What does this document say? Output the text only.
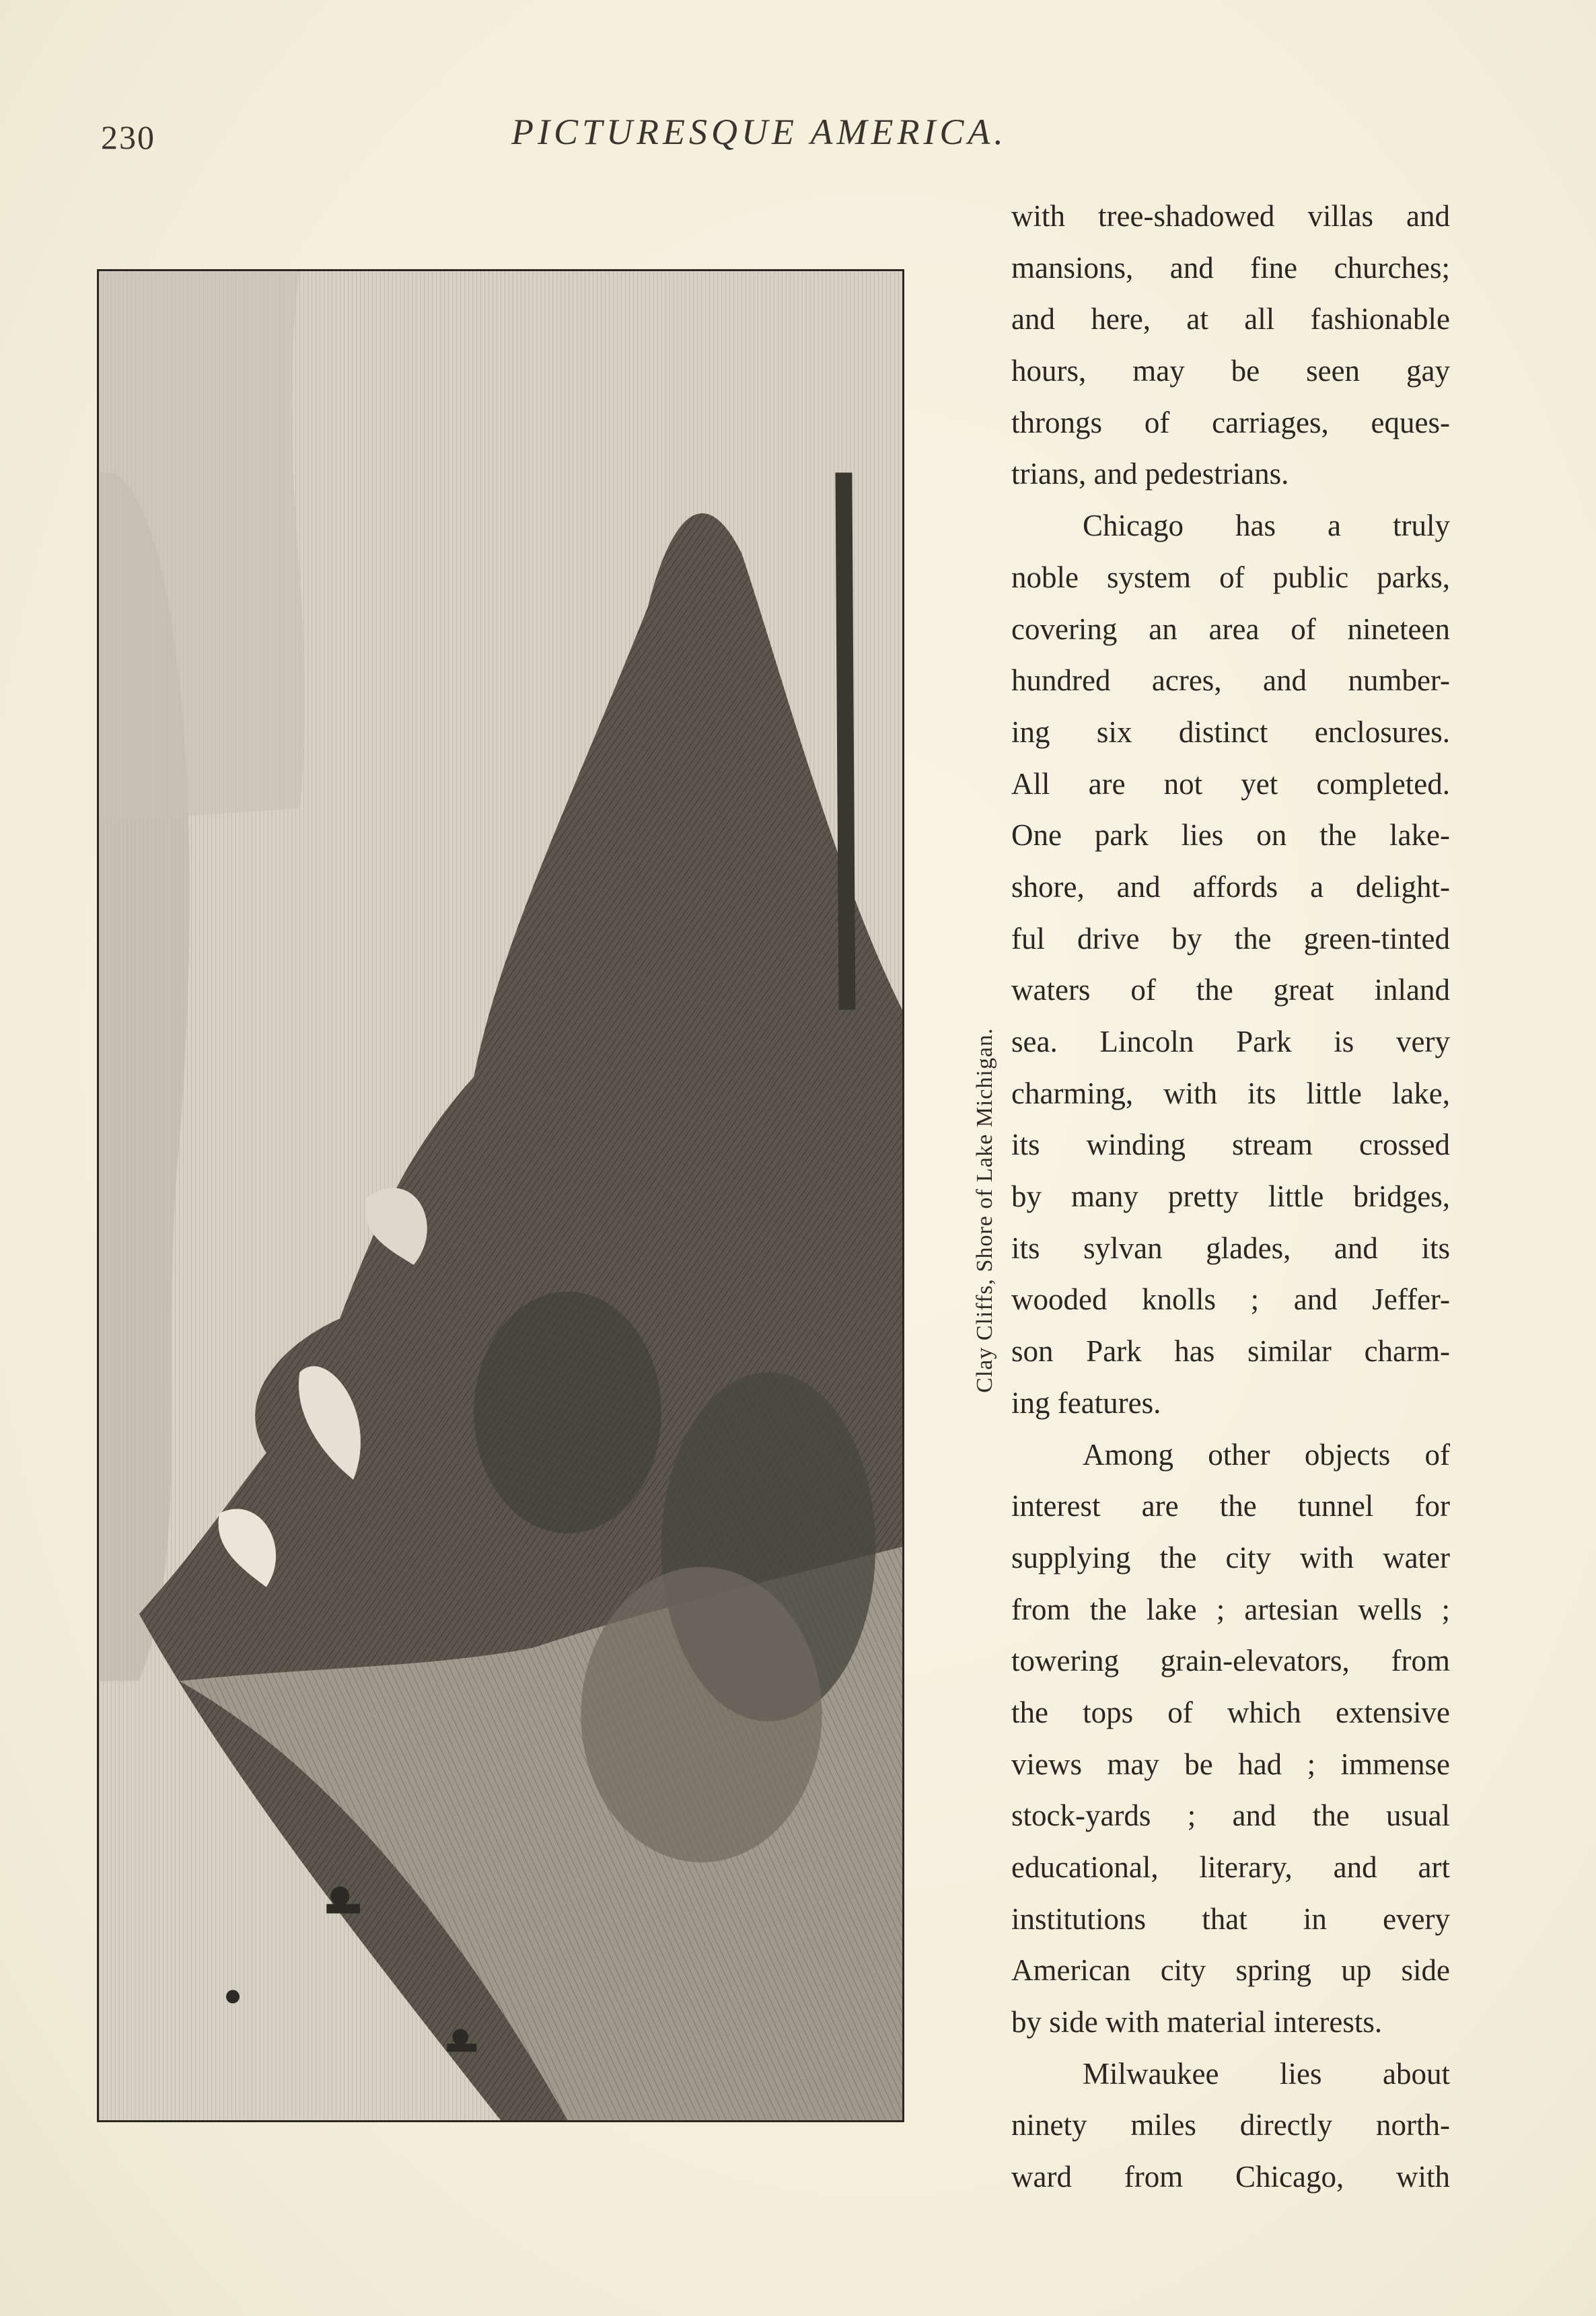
230	PICTURESQUE AMERICA.
Clay Cliffs, Shore of Lake Michigan.
with tree-shadowed villas and
mansions, and fine churches;
and here, at all fashionable
hours, may be seen gay
throngs of carriages, eques-
trians, and pedestrians.
Chicago has a truly
noble system of public parks,
covering an area of nineteen
hundred acres, and number-
ing six distinct enclosures.
All are not yet completed.
One park lies on the lake-
shore, and affords a delight-
ful drive by the green-tinted
waters of the great inland
sea. Lincoln Park is very
charming, with its little lake,
its winding stream crossed
by many pretty little bridges,
its sylvan glades, and its
wooded knolls ; and Jeffer-
son Park has similar charm-
ing features.
Among other objects of
interest are the tunnel for
supplying the city with water
from the lake ; artesian wells ;
towering grain-elevators, from
the tops of which extensive
views may be had ; immense
stock-yards ; and the usual
educational, literary, and art
institutions that in every
American city spring up side
by side with material interests.
Milwaukee lies about
ninety miles directly north-
ward from Chicago, with
